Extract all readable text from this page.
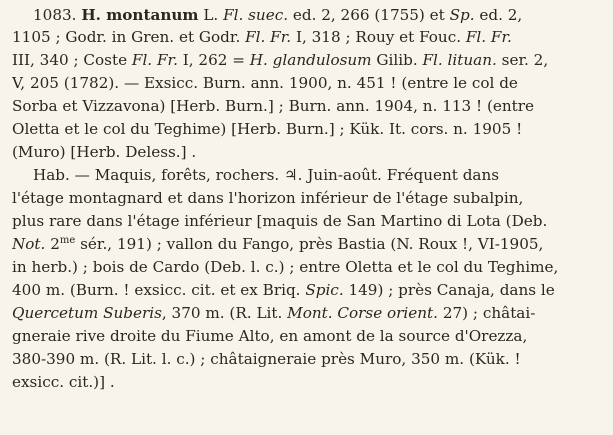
1083. H. montanum L. Fl. suec. ed. 2, 266 (1755) et Sp. ed. 2,
1105 ; Godr. in Gren. et Godr. Fl. Fr. I, 318 ; Rouy et Fouc. Fl. Fr.
III, 340 ; Coste Fl. Fr. I, 262 = H. glandulosum Gilib. Fl. lituan. ser. 2,
V, 205 (1782). — Exsicc. Burn. ann. 1900, n. 451 ! (entre le col de
Sorba et Vizzavona) [Herb. Burn.] ; Burn. ann. 1904, n. 113 ! (entre
Oletta et le col du Teghime) [Herb. Burn.] ; Kük. It. cors. n. 1905 !
(Muro) [Herb. Deless.] .
Hab. — Maquis, forêts, rochers. ♃. Juin-août. Fréquent dans
l'étage montagnard et dans l'horizon inférieur de l'étage subalpin,
plus rare dans l'étage inférieur [maquis de San Martino di Lota (Deb.
Not. $2^{me}$ sér., 191) ; vallon du Fango, près Bastia (N. Roux !, VI-1905,
in herb.) ; bois de Cardo (Deb. l. c.) ; entre Oletta et le col du Teghime,
400 m. (Burn. ! exsicc. cit. et ex Briq. Spic. 149) ; près Canaja, dans le
Quercetum Suberis, 370 m. (R. Lit. Mont. Corse orient. 27) ; châtai-
gneraie rive droite du Fiume Alto, en amont de la source d'Orezza,
380-390 m. (R. Lit. l. c.) ; châtaigneraie près Muro, 350 m. (Kük. !
exsicc. cit.)] .
